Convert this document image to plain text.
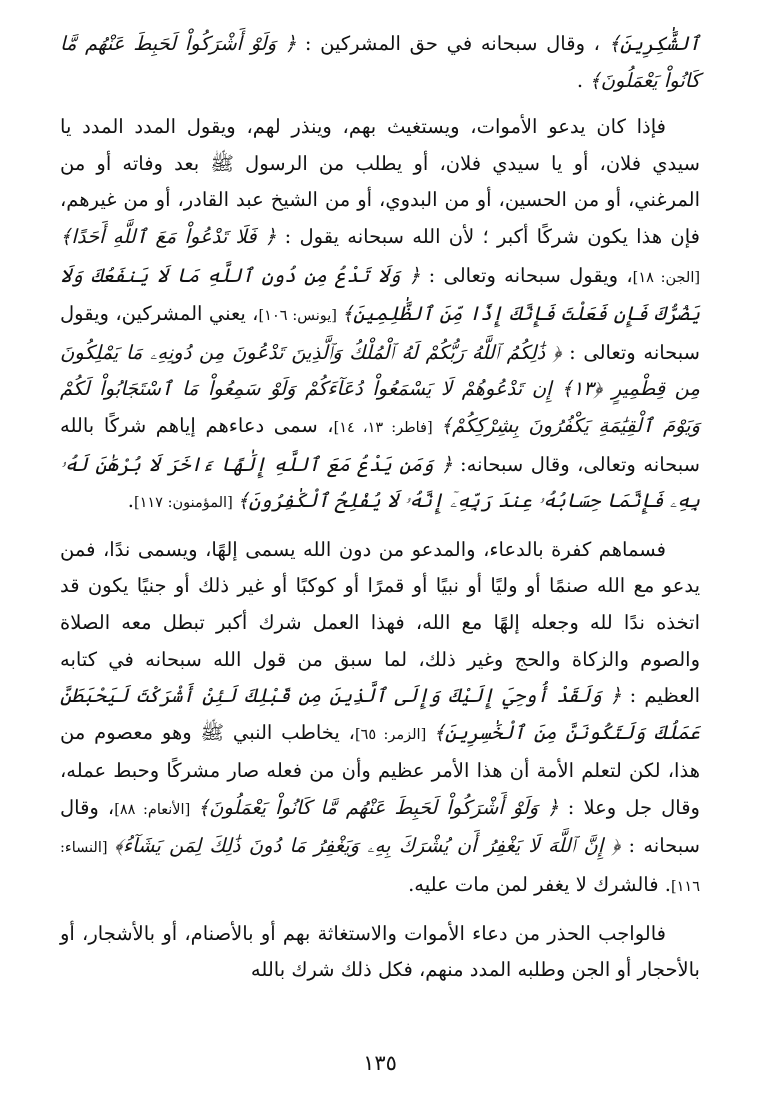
ٱلشَّٰكِرِينَ﴾ ، وقال سبحانه في حق المشركين : ﴿ وَلَوْ أَشْرَكُواْ لَحَبِطَ عَنْهُم مَّا كَانُواْ يَعْمَلُونَ﴾ .

فإذا كان يدعو الأموات، ويستغيث بهم، وينذر لهم، ويقول المدد المدد يا سيدي فلان، أو يا سيدي فلان، أو يطلب من الرسول ﷺ بعد وفاته أو من المرغني، أو من الحسين، أو من البدوي، أو من الشيخ عبد القادر، أو من غيرهم، فإن هذا يكون شركًا أكبر ؛ لأن الله سبحانه يقول : ﴿ فَلَا تَدْعُواْ مَعَ ٱللَّهِ أَحَدًا﴾ [الجن: ١٨]، ويقول سبحانه وتعالى : ﴿ وَلَا تَدْعُ مِن دُونِ ٱللَّهِ مَا لَا يَنفَعُكَ وَلَا يَضُرُّكَ فَإِن فَعَلْتَ فَإِنَّكَ إِذًا مِّنَ ٱلظَّٰلِمِينَ﴾ [يونس: ١٠٦]، يعني المشركين، ويقول سبحانه وتعالى : ﴿ ذَٰلِكُمُ ٱللَّهُ رَبُّكُمْ لَهُ ٱلْمُلْكُ وَٱلَّذِينَ تَدْعُونَ مِن دُونِهِۦ مَا يَمْلِكُونَ مِن قِطْمِيرٍ ﴿١٣﴾ إِن تَدْعُوهُمْ لَا يَسْمَعُواْ دُعَآءَكُمْ وَلَوْ سَمِعُواْ مَا ٱسْتَجَابُواْ لَكُمْ وَيَوْمَ ٱلْقِيَٰمَةِ يَكْفُرُونَ بِشِرْكِكُمْ﴾ [فاطر: ١٣، ١٤]، سمى دعاءهم إياهم شركًا بالله سبحانه وتعالى، وقال سبحانه: ﴿ وَمَن يَدْعُ مَعَ ٱللَّهِ إِلَٰهًا ءَاخَرَ لَا بُرْهَٰنَ لَهُۥ بِهِۦ فَإِنَّمَا حِسَابُهُۥ عِندَ رَبِّهِۦٓ إِنَّهُۥ لَا يُفْلِحُ ٱلْكَٰفِرُونَ﴾ [المؤمنون: ١١٧].

فسماهم كفرة بالدعاء، والمدعو من دون الله يسمى إلهًا، ويسمى ندًا، فمن يدعو مع الله صنمًا أو وليًا أو نبيًا أو قمرًا أو كوكبًا أو غير ذلك أو جنيًا يكون قد اتخذه ندًا لله وجعله إلهًا مع الله، فهذا العمل شرك أكبر تبطل معه الصلاة والصوم والزكاة والحج وغير ذلك، لما سبق من قول الله سبحانه في كتابه العظيم : ﴿ وَلَقَدْ أُوحِيَ إِلَيْكَ وَإِلَى ٱلَّذِينَ مِن قَبْلِكَ لَئِنْ أَشْرَكْتَ لَيَحْبَطَنَّ عَمَلُكَ وَلَتَكُونَنَّ مِنَ ٱلْخَٰسِرِينَ﴾ [الزمر: ٦٥]، يخاطب النبي ﷺ وهو معصوم من هذا، لكن لتعلم الأمة أن هذا الأمر عظيم وأن من فعله صار مشركًا وحبط عمله، وقال جل وعلا : ﴿ وَلَوْ أَشْرَكُواْ لَحَبِطَ عَنْهُم مَّا كَانُواْ يَعْمَلُونَ﴾ [الأنعام: ٨٨]، وقال سبحانه : ﴿ إِنَّ ٱللَّهَ لَا يَغْفِرُ أَن يُشْرَكَ بِهِۦ وَيَغْفِرُ مَا دُونَ ذَٰلِكَ لِمَن يَشَآءُ﴾ [النساء: ١١٦]. فالشرك لا يغفر لمن مات عليه.

فالواجب الحذر من دعاء الأموات والاستغاثة بهم أو بالأصنام، أو بالأشجار، أو بالأحجار أو الجن وطلبه المدد منهم، فكل ذلك شرك بالله

١٣٥
